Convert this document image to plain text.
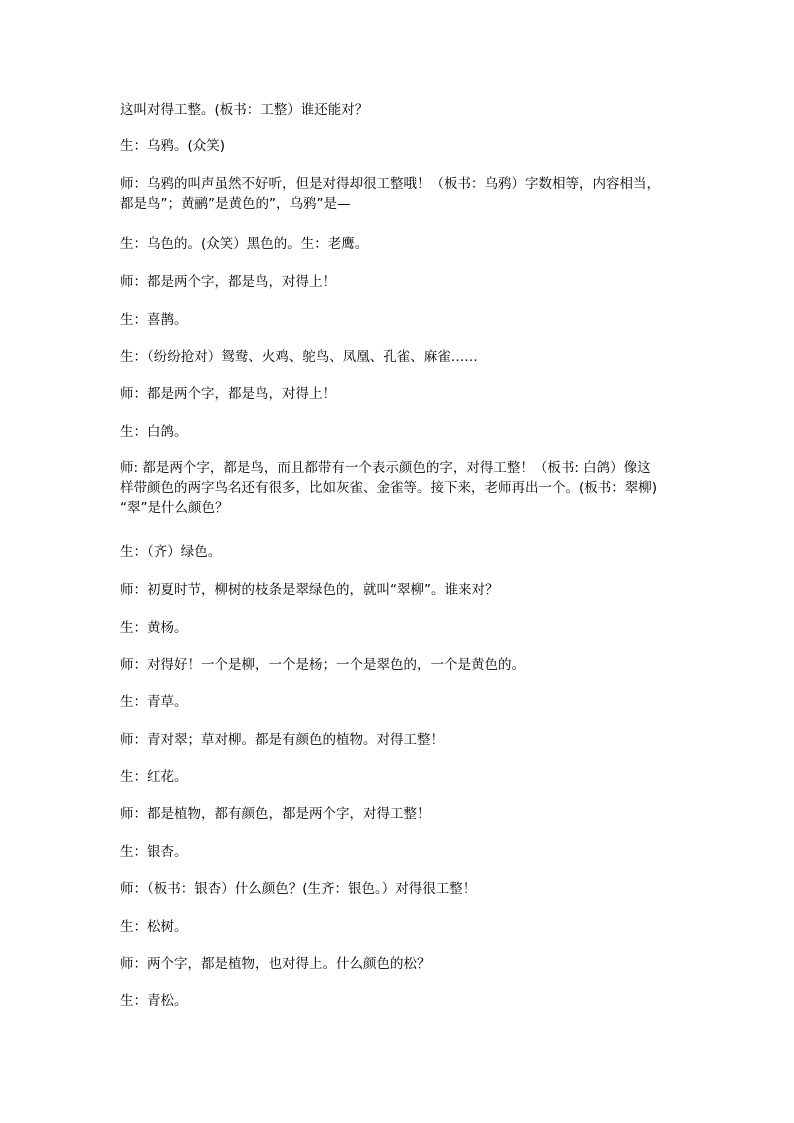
这叫对得工整。(板书：工整）谁还能对？

生：乌鸦。(众笑)

师：乌鸦的叫声虽然不好听，但是对得却很工整哦！（板书：乌鸦）字数相等，内容相当，
都是鸟”；黄鹂”是黄色的”，乌鸦”是—

生：乌色的。(众笑）黑色的。生：老鹰。

师：都是两个字，都是鸟，对得上！

生：喜鹊。

生：（纷纷抢对）鸳鸯、火鸡、鸵鸟、凤凰、孔雀、麻雀……

师：都是两个字，都是鸟，对得上！

生：白鸽。

师: 都是两个字，都是鸟，而且都带有一个表示颜色的字，对得工整！（板书: 白鸽）像这
样带颜色的两字鸟名还有很多，比如灰雀、金雀等。接下来，老师再出一个。(板书：翠柳)
“翠”是什么颜色？

生：（齐）绿色。

师：初夏时节，柳树的枝条是翠绿色的，就叫“翠柳”。谁来对？

生：黄杨。

师：对得好！一个是柳，一个是杨；一个是翠色的，一个是黄色的。

生：青草。

师：青对翠；草对柳。都是有颜色的植物。对得工整！

生：红花。

师：都是植物，都有颜色，都是两个字，对得工整！

生：银杏。

师：（板书：银杏）什么颜色？(生齐：银色。）对得很工整！

生：松树。

师：两个字，都是植物，也对得上。什么颜色的松？

生：青松。
